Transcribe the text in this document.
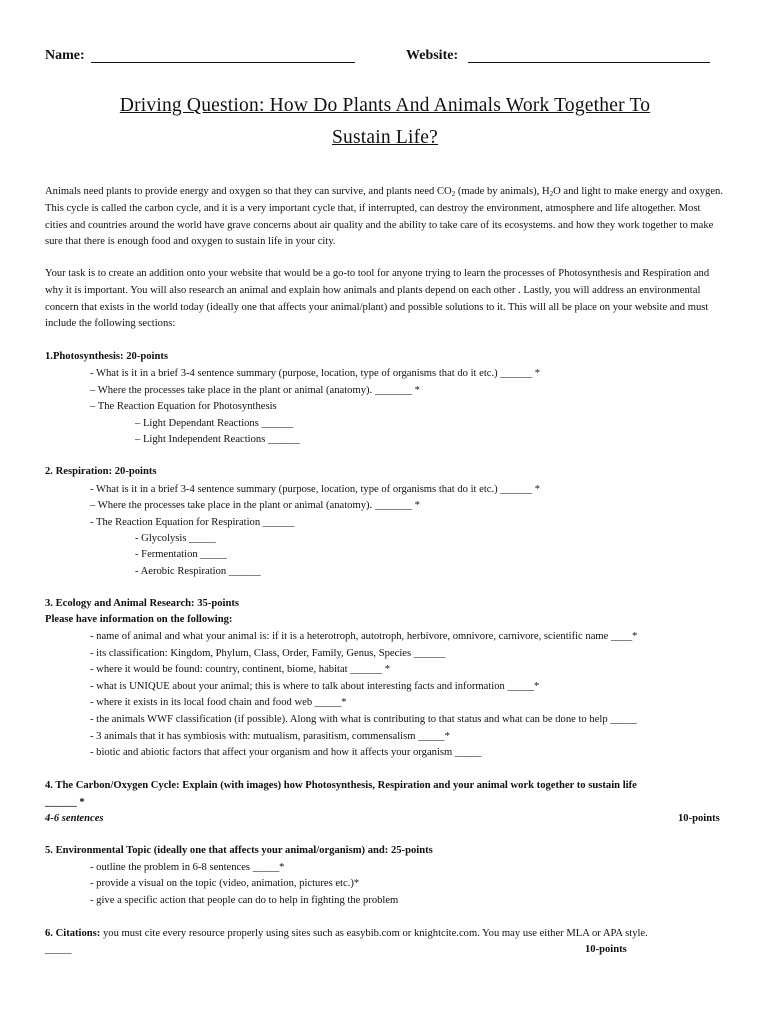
Name:	Website:
Driving Question: How Do Plants And Animals Work Together To
Sustain Life?
Animals need plants to provide energy and oxygen so that they can survive, and plants need $CO_2$ (made by animals), $H_2O$ and light to make energy and oxygen. This cycle is called the carbon cycle, and it is a very important cycle that, if interrupted, can destroy the environment, atmosphere and life altogether. Most cities and countries around the world have grave concerns about air quality and the ability to take care of its ecosystems. and how they work together to make sure that there is enough food and oxygen to sustain life in your city.
Your task is to create an addition onto your website that would be a go-to tool for anyone trying to learn the processes of Photosynthesis and Respiration and why it is important. You will also research an animal and explain how animals and plants depend on each other . Lastly, you will address an environmental concern that exists in the world today (ideally one that affects your animal/plant) and possible solutions to it. This will all be place on your website and must include the following sections:
1.Photosynthesis: 20-points
- What is it in a brief 3-4 sentence summary (purpose, location, type of organisms that do it etc.) ______ *
– Where the processes take place in the plant or animal (anatomy). _______ *
– The Reaction Equation for Photosynthesis
– Light Dependant Reactions ______
– Light Independent Reactions ______
2. Respiration: 20-points
- What is it in a brief 3-4 sentence summary (purpose, location, type of organisms that do it etc.) ______ *
– Where the processes take place in the plant or animal (anatomy). _______ *
- The Reaction Equation for Respiration ______
- Glycolysis _____
- Fermentation _____
- Aerobic Respiration ______
3. Ecology and Animal Research: 35-points
Please have information on the following:
- name of animal and what your animal is: if it is a heterotroph, autotroph, herbivore, omnivore, carnivore, scientific name ____*
- its classification: Kingdom, Phylum, Class, Order, Family, Genus, Species ______
- where it would be found: country, continent, biome, habitat ______ *
- what is UNIQUE about your animal; this is where to talk about interesting facts and information _____*
- where it exists in its local food chain and food web _____*
- the animals WWF classification (if possible). Along with what is contributing to that status and what can be done to help _____
- 3 animals that it has symbiosis with: mutualism, parasitism, commensalism _____*
- biotic and abiotic factors that affect your organism and how it affects your organism _____
4. The Carbon/Oxygen Cycle: Explain (with images) how Photosynthesis, Respiration and your animal work together to sustain life
______ *
4-6 sentences	10-points
5. Environmental Topic (ideally one that affects your animal/organism) and: 25-points
- outline the problem in 6-8 sentences _____*
- provide a visual on the topic (video, animation, pictures etc.)*
- give a specific action that people can do to help in fighting the problem
6. Citations: you must cite every resource properly using sites such as easybib.com or knightcite.com. You may use either MLA or APA style.
_____	10-points
